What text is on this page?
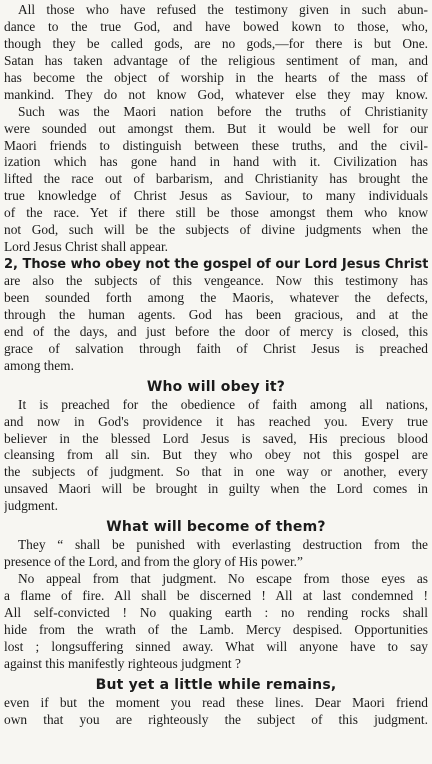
All those who have refused the testimony given in such abun-
dance to the true God, and have bowed kown to those, who,
though they be called gods, are no gods,—for there is but One.
Satan has taken advantage of the religious sentiment of man, and
has become the object of worship in the hearts of the mass of
mankind. They do not know God, whatever else they may know.
Such was the Maori nation before the truths of Christianity
were sounded out amongst them. But it would be well for our
Maori friends to distinguish between these truths, and the civil-
ization which has gone hand in hand with it. Civilization has
lifted the race out of barbarism, and Christianity has brought the
true knowledge of Christ Jesus as Saviour, to many individuals
of the race. Yet if there still be those amongst them who know
not God, such will be the subjects of divine judgments when the
Lord Jesus Christ shall appear.
2, Those who obey not the gospel of our Lord Jesus Christ
are also the subjects of this vengeance. Now this testimony has
been sounded forth among the Maoris, whatever the defects,
through the human agents. God has been gracious, and at the
end of the days, and just before the door of mercy is closed, this
grace of salvation through faith of Christ Jesus is preached
among them.
Who will obey it?
It is preached for the obedience of faith among all nations,
and now in God's providence it has reached you. Every true
believer in the blessed Lord Jesus is saved, His precious blood
cleansing from all sin. But they who obey not this gospel are
the subjects of judgment. So that in one way or another, every
unsaved Maori will be brought in guilty when the Lord comes in
judgment.
What will become of them?
They “ shall be punished with everlasting destruction from the
presence of the Lord, and from the glory of His power.”
No appeal from that judgment. No escape from those eyes as
a flame of fire. All shall be discerned ! All at last condemned !
All self-convicted ! No quaking earth : no rending rocks shall
hide from the wrath of the Lamb. Mercy despised. Opportunities
lost ; longsuffering sinned away. What will anyone have to say
against this manifestly righteous judgment ?
But yet a little while remains,
even if but the moment you read these lines. Dear Maori friend
own that you are righteously the subject of this judgment.
